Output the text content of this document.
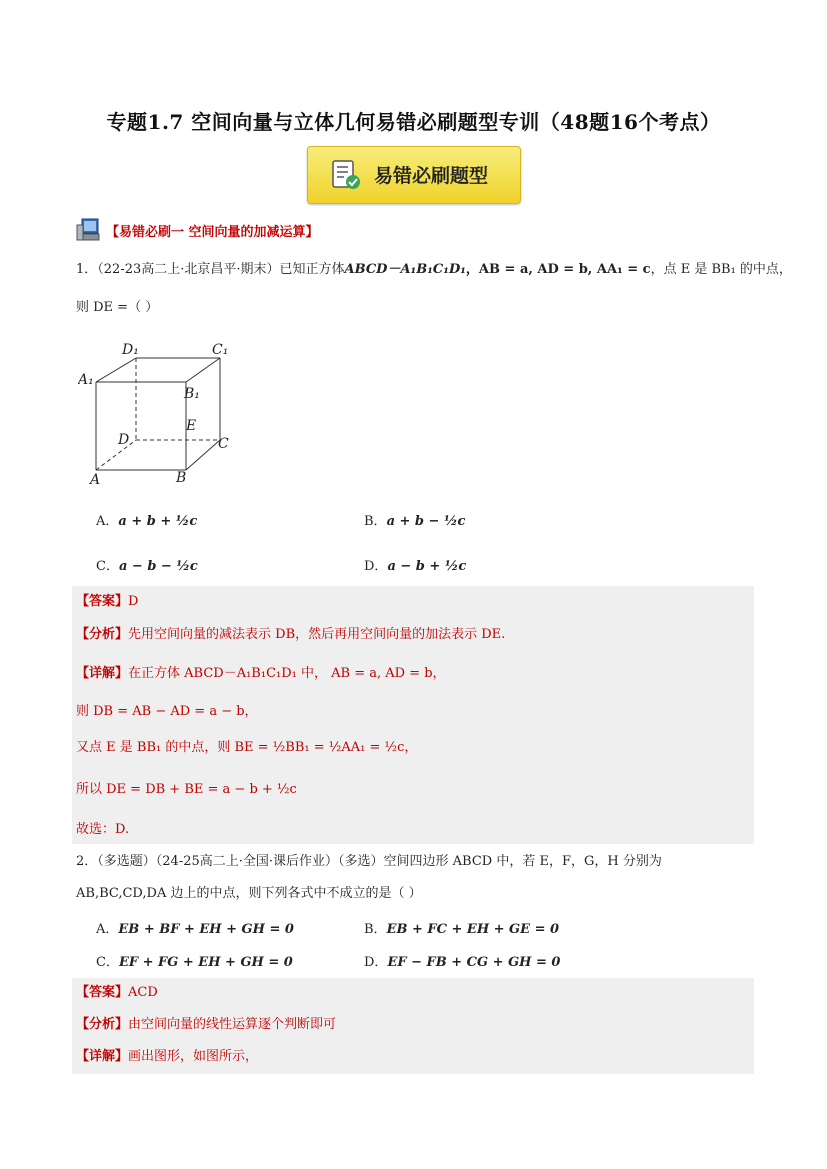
专题1.7 空间向量与立体几何易错必刷题型专训（48题16个考点）
易错必刷题型
【易错必刷一 空间向量的加减运算】
1．（22-23高二上·北京昌平·期末）已知正方体ABCD－A₁B₁C₁D₁，AB = a, AD = b, AA₁ = c，点 E 是 BB₁ 的中点，
则 DE =（ ）
D₁	C₁
A₁
B₁
E
D	C
A	B
A．a + b + ½c	B．a + b − ½c
C．a − b − ½c	D．a − b + ½c
【答案】D
【分析】先用空间向量的减法表示 DB，然后再用空间向量的加法表示 DE.
【详解】在正方体 ABCD－A₁B₁C₁D₁ 中， AB = a, AD = b，
则 DB = AB − AD = a − b，
又点 E 是 BB₁ 的中点，则 BE = ½BB₁ = ½AA₁ = ½c，
所以 DE = DB + BE = a − b + ½c
故选：D.
2．（多选题）（24-25高二上·全国·课后作业）（多选）空间四边形 ABCD 中，若 E，F，G，H 分别为
AB,BC,CD,DA 边上的中点，则下列各式中不成立的是（ ）
A．EB + BF + EH + GH = 0	B．EB + FC + EH + GE = 0
C．EF + FG + EH + GH = 0	D．EF − FB + CG + GH = 0
【答案】ACD
【分析】由空间向量的线性运算逐个判断即可
【详解】画出图形，如图所示，
